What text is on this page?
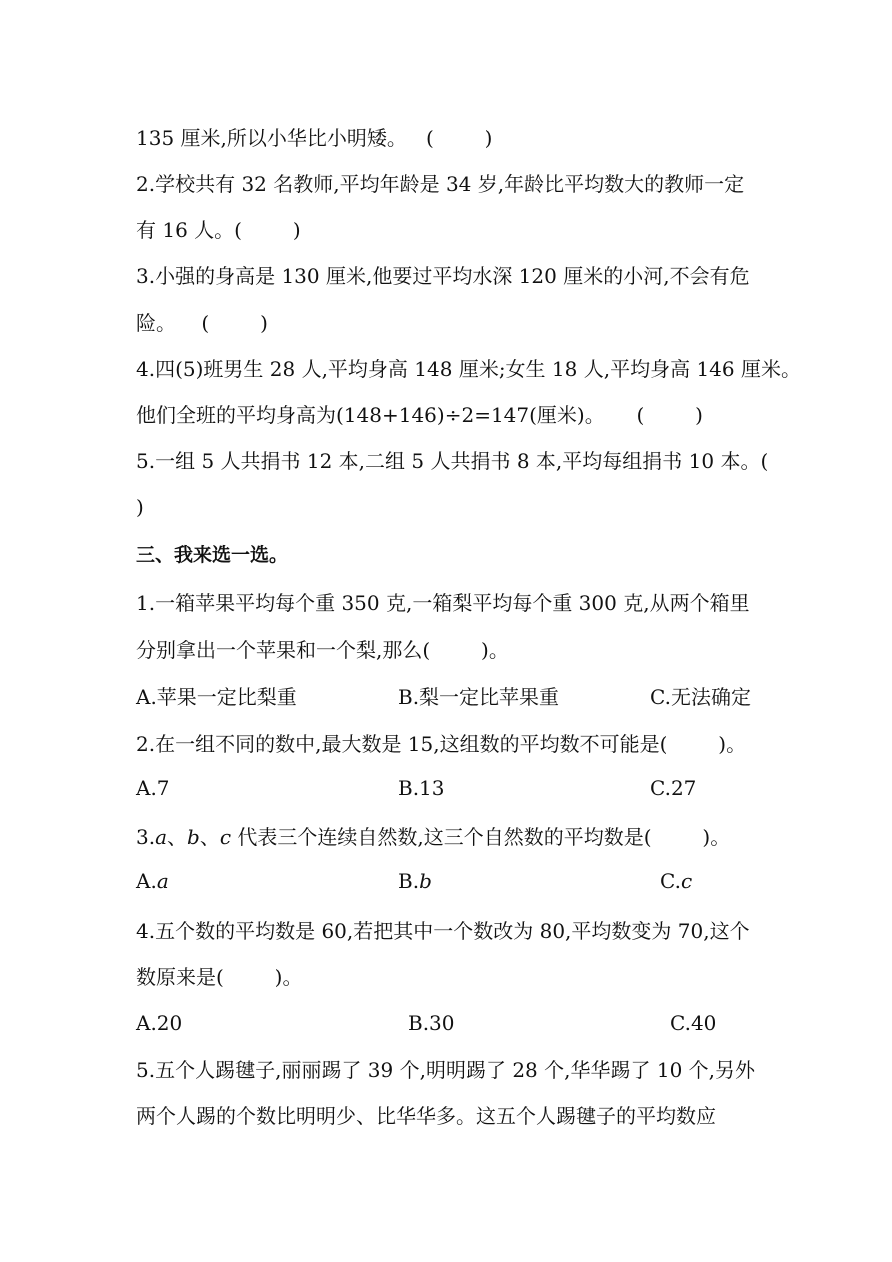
135 厘米,所以小华比小明矮。   (        )
2.学校共有 32 名教师,平均年龄是 34 岁,年龄比平均数大的教师一定
有 16 人。(        )
3.小强的身高是 130 厘米,他要过平均水深 120 厘米的小河,不会有危
险。    (        )
4.四(5)班男生 28 人,平均身高 148 厘米;女生 18 人,平均身高 146 厘米。
他们全班的平均身高为(148+146)÷2=147(厘米)。     (        )
5.一组 5 人共捐书 12 本,二组 5 人共捐书 8 本,平均每组捐书 10 本。(
)
三、我来选一选。
1.一箱苹果平均每个重 350 克,一箱梨平均每个重 300 克,从两个箱里
分别拿出一个苹果和一个梨,那么(        )。
A.苹果一定比梨重	B.梨一定比苹果重	C.无法确定
2.在一组不同的数中,最大数是 15,这组数的平均数不可能是(        )。
A.7	B.13	C.27
3.a、b、c 代表三个连续自然数,这三个自然数的平均数是(        )。
A.a	B.b	C.c
4.五个数的平均数是 60,若把其中一个数改为 80,平均数变为 70,这个
数原来是(        )。
A.20	B.30	C.40
5.五个人踢毽子,丽丽踢了 39 个,明明踢了 28 个,华华踢了 10 个,另外
两个人踢的个数比明明少、比华华多。这五个人踢毽子的平均数应
